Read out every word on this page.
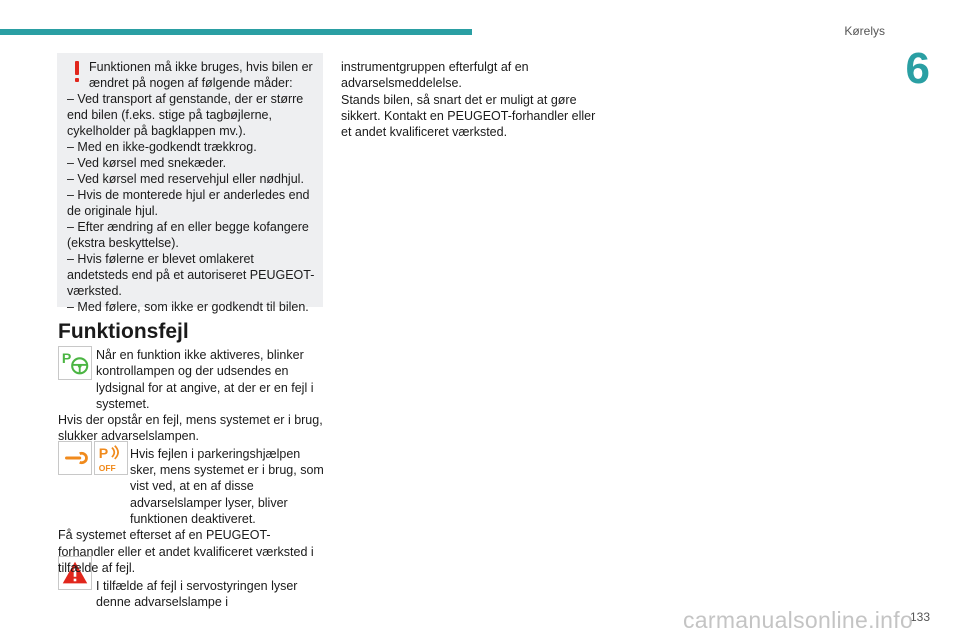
Kørelys
6
Funktionen må ikke bruges, hvis bilen er ændret på nogen af følgende måder:
– Ved transport af genstande, der er større end bilen (f.eks. stige på tagbøjlerne, cykelholder på bagklappen mv.).
– Med en ikke-godkendt trækkrog.
– Ved kørsel med snekæder.
– Ved kørsel med reservehjul eller nødhjul.
– Hvis de monterede hjul er anderledes end de originale hjul.
– Efter ændring af en eller begge kofangere (ekstra beskyttelse).
– Hvis følerne er blevet omlakeret andetsteds end på et autoriseret PEUGEOT-værksted.
– Med følere, som ikke er godkendt til bilen.
Funktionsfejl
P
P
OFF
Når en funktion ikke aktiveres, blinker kontrollampen og der udsendes en lydsignal for at angive, at der er en fejl i systemet.
Hvis der opstår en fejl, mens systemet er i brug, slukker advarselslampen.
Hvis fejlen i parkeringshjælpen sker, mens systemet er i brug, som vist ved, at en af disse advarselslamper lyser, bliver funktionen deaktiveret.
Få systemet efterset af en PEUGEOT-forhandler eller et andet kvalificeret værksted i tilfælde af fejl.
I tilfælde af fejl i servostyringen lyser denne advarselslampe i
instrumentgruppen efterfulgt af en advarselsmeddelelse.
Stands bilen, så snart det er muligt at gøre sikkert. Kontakt en PEUGEOT-forhandler eller et andet kvalificeret værksted.
133
carmanualsonline.info
